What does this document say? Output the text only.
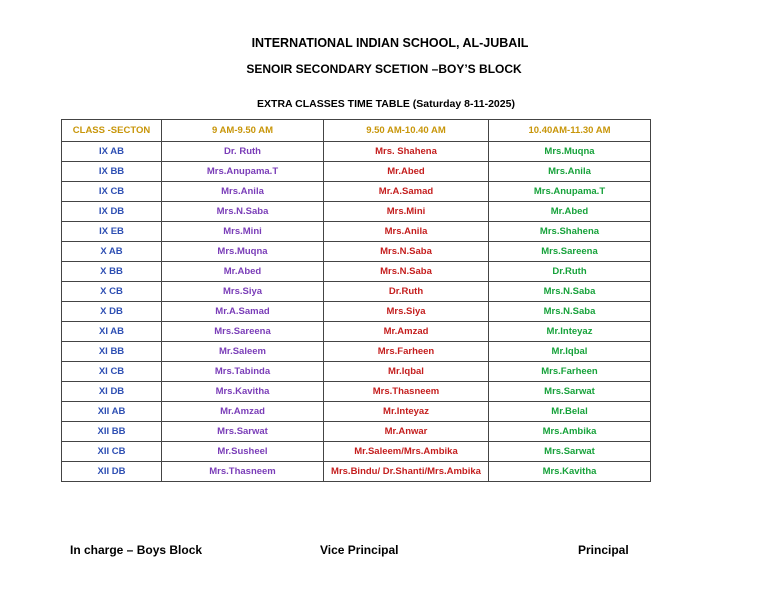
INTERNATIONAL INDIAN SCHOOL, AL-JUBAIL
SENOIR SECONDARY SCETION –BOY’S BLOCK
EXTRA CLASSES TIME TABLE (Saturday 8-11-2025)
CLASS -SECTON	9 AM-9.50 AM	9.50 AM-10.40 AM	10.40AM-11.30 AM
IX AB	Dr. Ruth	Mrs. Shahena	Mrs.Muqna
IX BB	Mrs.Anupama.T	Mr.Abed	Mrs.Anila
IX CB	Mrs.Anila	Mr.A.Samad	Mrs.Anupama.T
IX DB	Mrs.N.Saba	Mrs.Mini	Mr.Abed
IX EB	Mrs.Mini	Mrs.Anila	Mrs.Shahena
X AB	Mrs.Muqna	Mrs.N.Saba	Mrs.Sareena
X BB	Mr.Abed	Mrs.N.Saba	Dr.Ruth
X CB	Mrs.Siya	Dr.Ruth	Mrs.N.Saba
X DB	Mr.A.Samad	Mrs.Siya	Mrs.N.Saba
XI AB	Mrs.Sareena	Mr.Amzad	Mr.Inteyaz
XI BB	Mr.Saleem	Mrs.Farheen	Mr.Iqbal
XI CB	Mrs.Tabinda	Mr.Iqbal	Mrs.Farheen
XI DB	Mrs.Kavitha	Mrs.Thasneem	Mrs.Sarwat
XII AB	Mr.Amzad	Mr.Inteyaz	Mr.Belal
XII BB	Mrs.Sarwat	Mr.Anwar	Mrs.Ambika
XII CB	Mr.Susheel	Mr.Saleem/Mrs.Ambika	Mrs.Sarwat
XII DB	Mrs.Thasneem	Mrs.Bindu/ Dr.Shanti/Mrs.Ambika	Mrs.Kavitha
In charge – Boys Block	Vice Principal	Principal
